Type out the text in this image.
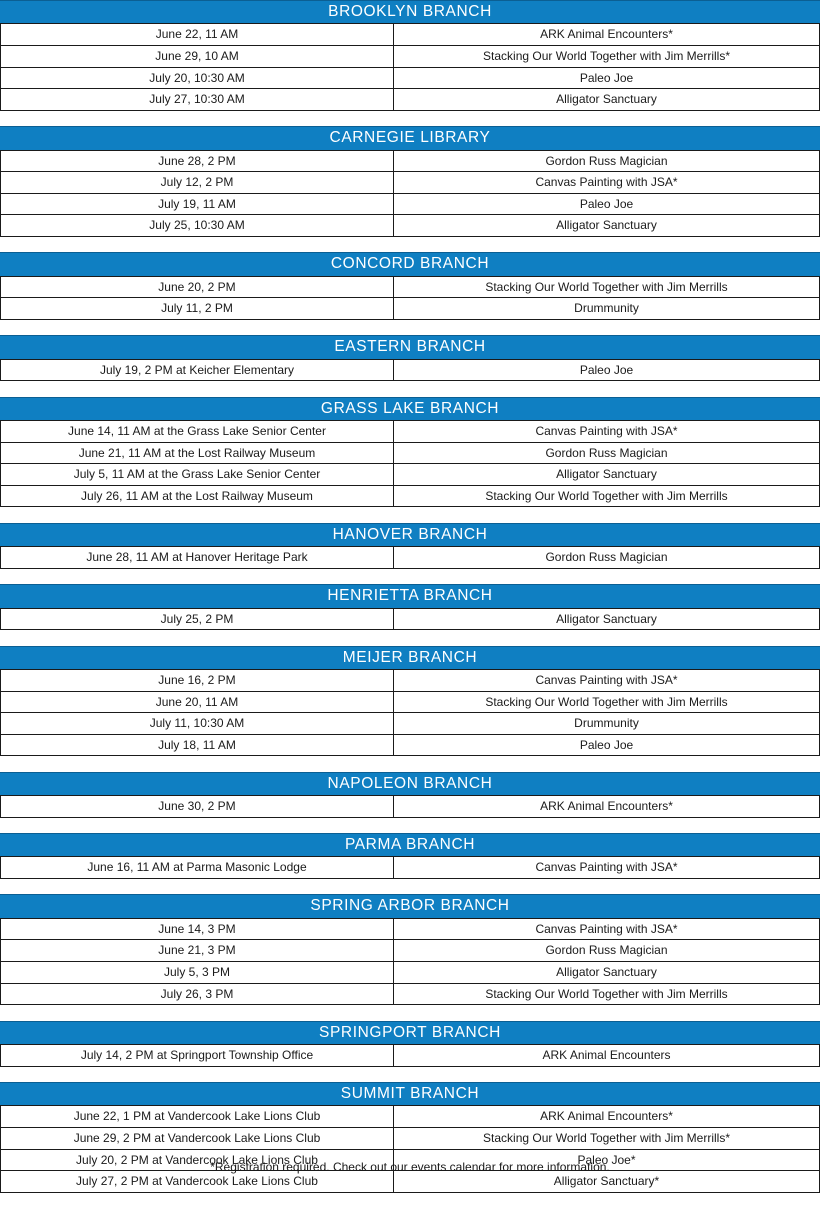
BROOKLYN BRANCH
June 22, 11 AM	ARK Animal Encounters*
June 29, 10 AM	Stacking Our World Together with Jim Merrills*
July 20, 10:30 AM	Paleo Joe
July 27, 10:30 AM	Alligator Sanctuary
CARNEGIE LIBRARY
June 28, 2 PM	Gordon Russ Magician
July 12, 2 PM	Canvas Painting with JSA*
July 19, 11 AM	Paleo Joe
July 25, 10:30 AM	Alligator Sanctuary
CONCORD BRANCH
June 20, 2 PM	Stacking Our World Together with Jim Merrills
July 11, 2 PM	Drummunity
EASTERN BRANCH
July 19, 2 PM at Keicher Elementary	Paleo Joe
GRASS LAKE BRANCH
June 14, 11 AM at the Grass Lake Senior Center	Canvas Painting with JSA*
June 21, 11 AM at the Lost Railway Museum	Gordon Russ Magician
July 5, 11 AM at the Grass Lake Senior Center	Alligator Sanctuary
July 26, 11 AM at the Lost Railway Museum	Stacking Our World Together with Jim Merrills
HANOVER BRANCH
June 28, 11 AM at Hanover Heritage Park	Gordon Russ Magician
HENRIETTA BRANCH
July 25, 2 PM	Alligator Sanctuary
MEIJER BRANCH
June 16, 2 PM	Canvas Painting with JSA*
June 20, 11 AM	Stacking Our World Together with Jim Merrills
July 11, 10:30 AM	Drummunity
July 18, 11 AM	Paleo Joe
NAPOLEON BRANCH
June 30, 2 PM	ARK Animal Encounters*
PARMA BRANCH
June 16, 11 AM at Parma Masonic Lodge	Canvas Painting with JSA*
SPRING ARBOR BRANCH
June 14, 3 PM	Canvas Painting with JSA*
June 21, 3 PM	Gordon Russ Magician
July 5, 3 PM	Alligator Sanctuary
July 26, 3 PM	Stacking Our World Together with Jim Merrills
SPRINGPORT BRANCH
July 14, 2 PM at Springport Township Office	ARK Animal Encounters
SUMMIT BRANCH
June 22, 1 PM at Vandercook Lake Lions Club	ARK Animal Encounters*
June 29, 2 PM at Vandercook Lake Lions Club	Stacking Our World Together with Jim Merrills*
July 20, 2 PM at Vandercook Lake Lions Club	Paleo Joe*
July 27, 2 PM at Vandercook Lake Lions Club	Alligator Sanctuary*
*Registration required. Check out our events calendar for more information.
